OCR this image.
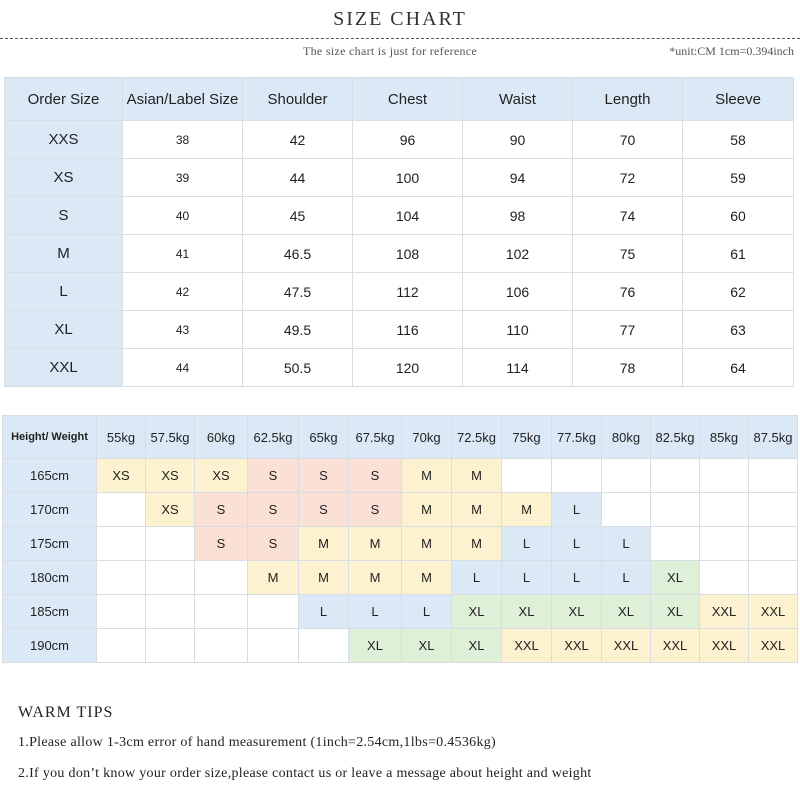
SIZE CHART
The size chart is just for reference	*unit:CM 1cm=0.394inch
Order Size	Asian/Label Size	Shoulder	Chest	Waist	Length	Sleeve
XXS	38	42	96	90	70	58
XS	39	44	100	94	72	59
S	40	45	104	98	74	60
M	41	46.5	108	102	75	61
L	42	47.5	112	106	76	62
XL	43	49.5	116	110	77	63
XXL	44	50.5	120	114	78	64
Height/ Weight	55kg	57.5kg	60kg	62.5kg	65kg	67.5kg	70kg	72.5kg	75kg	77.5kg	80kg	82.5kg	85kg	87.5kg
165cm	XS	XS	XS	S	S	S	M	M						
170cm		XS	S	S	S	S	M	M	M	L				
175cm			S	S	M	M	M	M	L	L	L			
180cm				M	M	M	M	L	L	L	L	XL		
185cm					L	L	L	XL	XL	XL	XL	XL	XXL	XXL
190cm						XL	XL	XL	XXL	XXL	XXL	XXL	XXL	XXL
WARM TIPS
1.Please allow 1-3cm error of hand measurement (1inch=2.54cm,1lbs=0.4536kg)
2.If you don’t know your order size,please contact us or leave a message about height and weight
